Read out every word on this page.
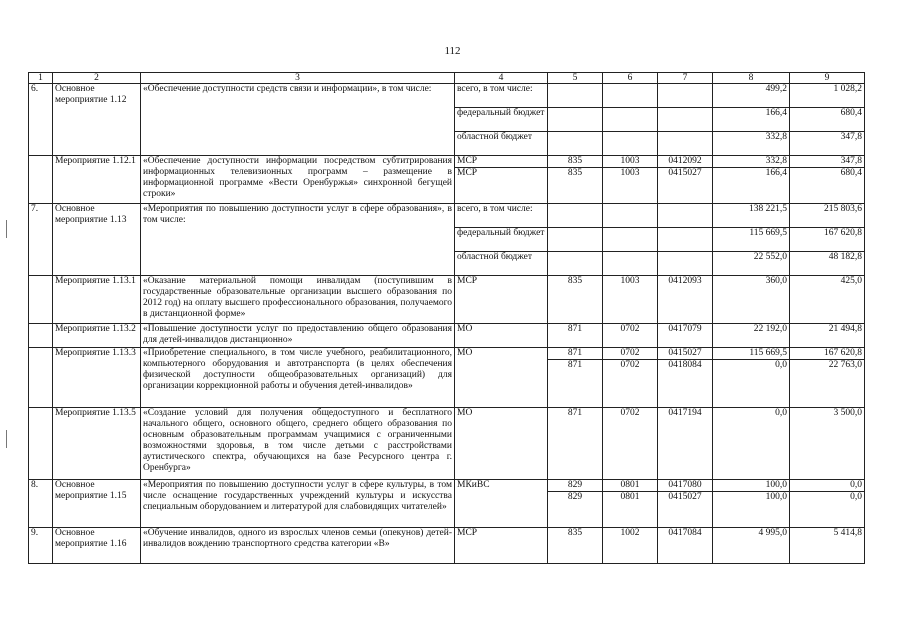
112
1	2	3	4	5	6	7	8	9
6.	Основное мероприятие 1.12	«Обеспечение доступности средств связи и информации», в том числе:	всего, в том числе:				499,2	1 028,2
			федеральный бюджет				166,4	680,4
			областной бюджет				332,8	347,8
	Мероприятие 1.12.1	«Обеспечение доступности информации посредством субтитрирования информационных телевизионных программ – размещение в информационной программе «Вести Оренбуржья» синхронной бегущей строки»	МСР	835	1003	0412092	332,8	347,8
			МСР	835	1003	0415027	166,4	680,4
7.	Основное мероприятие 1.13	«Мероприятия по повышению доступности услуг в сфере образования», в том числе:	всего, в том числе:				138 221,5	215 803,6
			федеральный бюджет				115 669,5	167 620,8
			областной бюджет				22 552,0	48 182,8
	Мероприятие 1.13.1	«Оказание материальной помощи инвалидам (поступившим в государственные образовательные организации высшего образования по 2012 год) на оплату высшего профессионального образования, получаемого в дистанционной форме»	МСР	835	1003	0412093	360,0	425,0
	Мероприятие 1.13.2	«Повышение доступности услуг по предоставлению общего образования для детей-инвалидов дистанционно»	МО	871	0702	0417079	22 192,0	21 494,8
	Мероприятие 1.13.3	«Приобретение специального, в том числе учебного, реабилитационного, компьютерного оборудования и автотранспорта (в целях обеспечения физической доступности общеобразовательных организаций) для организации коррекционной работы и обучения детей-инвалидов»	МО	871	0702	0415027	115 669,5	167 620,8
				871	0702	0418084	0,0	22 763,0
	Мероприятие 1.13.5	«Создание условий для получения общедоступного и бесплатного начального общего, основного общего, среднего общего образования по основным образовательным программам учащимися с ограниченными возможностями здоровья, в том числе детьми с расстройствами аутистического спектра, обучающихся на базе Ресурсного центра г. Оренбурга»	МО	871	0702	0417194	0,0	3 500,0
8.	Основное мероприятие 1.15	«Мероприятия по повышению доступности услуг в сфере культуры, в том числе оснащение государственных учреждений культуры и искусства специальным оборудованием и литературой для слабовидящих читателей»	МКиВС	829	0801	0417080	100,0	0,0
				829	0801	0415027	100,0	0,0
9.	Основное мероприятие 1.16	«Обучение инвалидов, одного из взрослых членов семьи (опекунов) детей-инвалидов вождению транспортного средства категории «В»	МСР	835	1002	0417084	4 995,0	5 414,8
